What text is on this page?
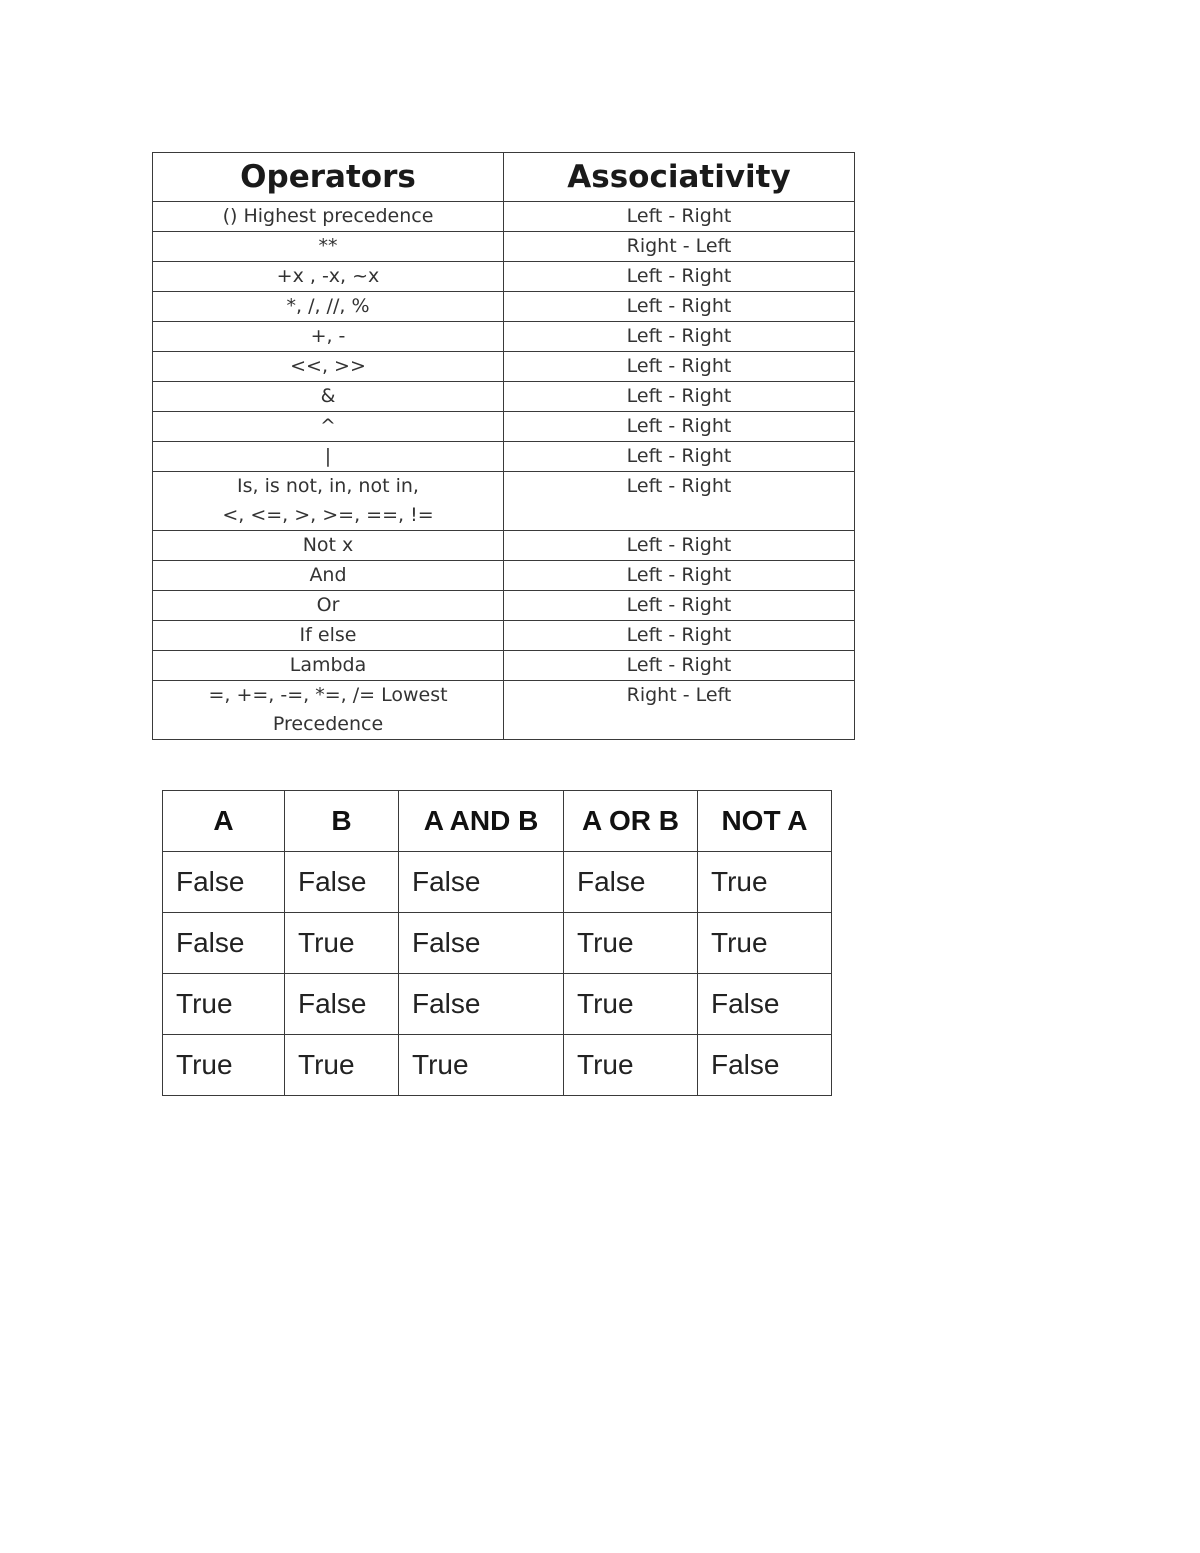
Operators	Associativity

() Highest precedence	Left - Right

**	Right - Left

+x , -x, ~x	Left - Right

*, /, //, %	Left - Right

+, -	Left - Right

<<, >>	Left - Right

&	Left - Right

^	Left - Right

|	Left - Right

Is, is not, in, not in,
<, <=, >, >=, ==, !=	Left - Right

Not x	Left - Right

And	Left - Right

Or	Left - Right

If else	Left - Right

Lambda	Left - Right

=, +=, -=, *=, /= Lowest
Precedence	Right - Left
A	B	A AND B	A OR B	NOT A
False	False	False	False	True
False	True	False	True	True
True	False	False	True	False
True	True	True	True	False
